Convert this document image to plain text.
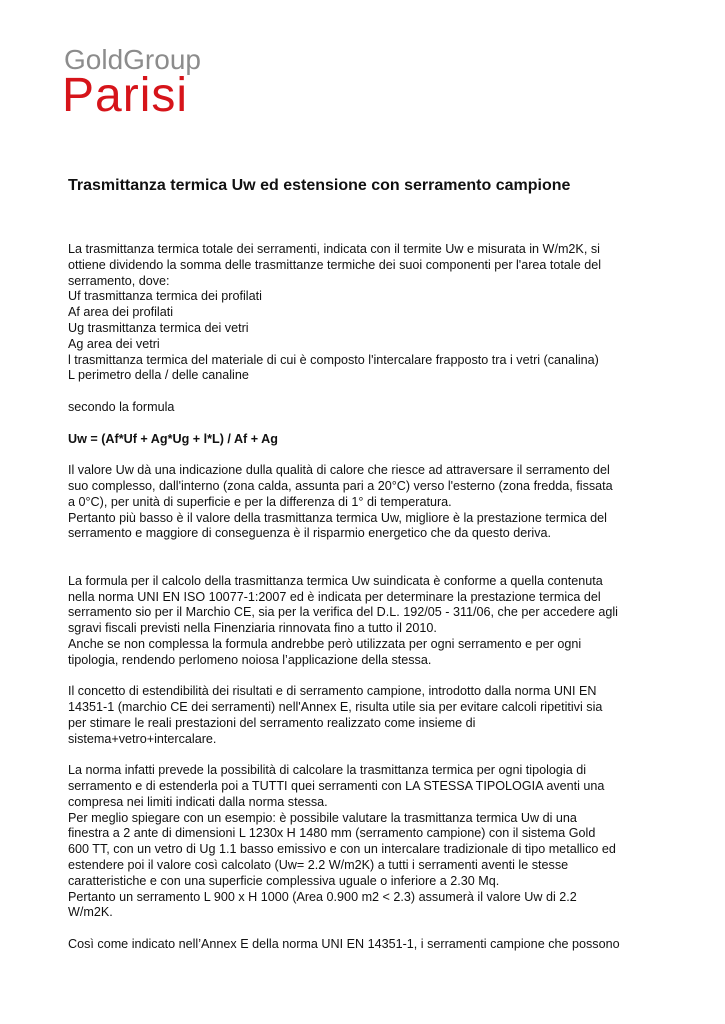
GoldGroup
Parisi
Trasmittanza termica Uw ed estensione con serramento campione

La trasmittanza termica totale dei serramenti, indicata con il termite Uw e misurata in W/m2K, si
ottiene dividendo la somma delle trasmittanze termiche dei suoi componenti per l'area totale del
serramento, dove:
Uf trasmittanza termica dei profilati
Af area dei profilati
Ug trasmittanza termica dei vetri
Ag area dei vetri
l trasmittanza termica del materiale di cui è composto l'intercalare frapposto tra i vetri (canalina)
L perimetro della / delle canaline

secondo la formula

Uw = (Af*Uf + Ag*Ug + l*L) / Af + Ag

Il valore Uw dà una indicazione dulla qualità di calore che riesce ad attraversare il serramento del
suo complesso, dall'interno (zona calda, assunta pari a 20°C) verso l'esterno (zona fredda, fissata
a 0°C), per unità di superficie e per la differenza di 1° di temperatura.
Pertanto più basso è il valore della trasmittanza termica Uw, migliore è la prestazione termica del
serramento e maggiore di conseguenza è il risparmio energetico che da questo deriva.

La formula per il calcolo della trasmittanza termica Uw suindicata è conforme a quella contenuta
nella norma UNI EN ISO 10077-1:2007 ed è indicata per determinare la prestazione termica del
serramento sio per il Marchio CE, sia per la verifica del D.L. 192/05 - 311/06, che per accedere agli
sgravi fiscali previsti nella Finenziaria rinnovata fino a tutto il 2010.
Anche se non complessa la formula andrebbe però utilizzata per ogni serramento e per ogni
tipologia, rendendo perlomeno noiosa l’applicazione della stessa.

Il concetto di estendibilità dei risultati e di serramento campione, introdotto dalla norma UNI EN
14351-1 (marchio CE dei serramenti) nell'Annex E, risulta utile sia per evitare calcoli ripetitivi sia
per stimare le reali prestazioni del serramento realizzato come insieme di
sistema+vetro+intercalare.

La norma infatti prevede la possibilità di calcolare la trasmittanza termica per ogni tipologia di
serramento e di estenderla poi a TUTTI quei serramenti con LA STESSA TIPOLOGIA aventi una
compresa nei limiti indicati dalla norma stessa.
Per meglio spiegare con un esempio: è possibile valutare la trasmittanza termica Uw di una
finestra a 2 ante di dimensioni L 1230x H 1480 mm (serramento campione) con il sistema Gold
600 TT, con un vetro di Ug 1.1 basso emissivo e con un intercalare tradizionale di tipo metallico ed
estendere poi il valore così calcolato (Uw= 2.2 W/m2K) a tutti i serramenti aventi le stesse
caratteristiche e con una superficie complessiva uguale o inferiore a 2.30 Mq.
Pertanto un serramento L 900 x H 1000 (Area 0.900 m2 < 2.3) assumerà il valore Uw di 2.2
W/m2K.

Così come indicato nell’Annex E della norma UNI EN 14351-1, i serramenti campione che possono
